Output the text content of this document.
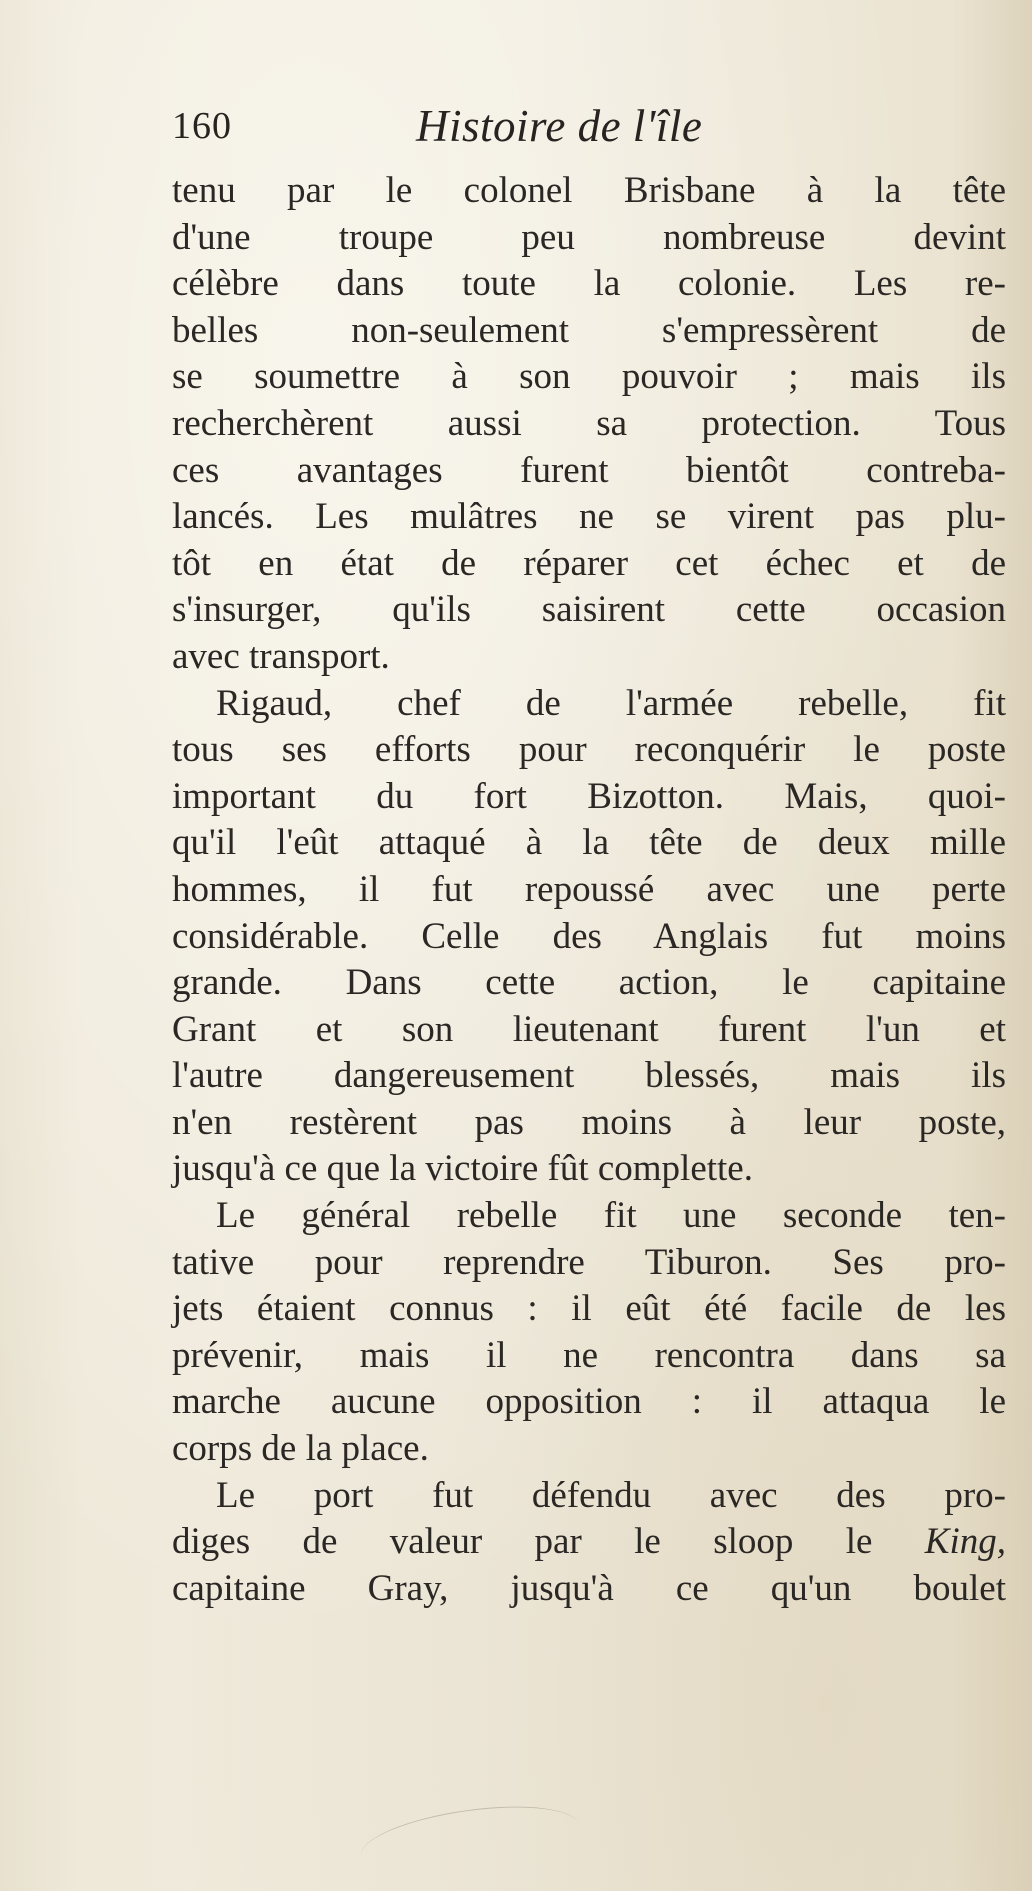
160	Histoire de l'île
tenu par le colonel Brisbane à la tête
d'une troupe peu nombreuse devint
célèbre dans toute la colonie. Les re-
belles non-seulement s'empressèrent de
se soumettre à son pouvoir ; mais ils
recherchèrent aussi sa protection. Tous
ces avantages furent bientôt contreba-
lancés. Les mulâtres ne se virent pas plu-
tôt en état de réparer cet échec et de
s'insurger, qu'ils saisirent cette occasion
avec transport.
Rigaud, chef de l'armée rebelle, fit
tous ses efforts pour reconquérir le poste
important du fort Bizotton. Mais, quoi-
qu'il l'eût attaqué à la tête de deux mille
hommes, il fut repoussé avec une perte
considérable. Celle des Anglais fut moins
grande. Dans cette action, le capitaine
Grant et son lieutenant furent l'un et
l'autre dangereusement blessés, mais ils
n'en restèrent pas moins à leur poste,
jusqu'à ce que la victoire fût complette.
Le général rebelle fit une seconde ten-
tative pour reprendre Tiburon. Ses pro-
jets étaient connus : il eût été facile de les
prévenir, mais il ne rencontra dans sa
marche aucune opposition : il attaqua le
corps de la place.
Le port fut défendu avec des pro-
diges de valeur par le sloop le King,
capitaine Gray, jusqu'à ce qu'un boulet
